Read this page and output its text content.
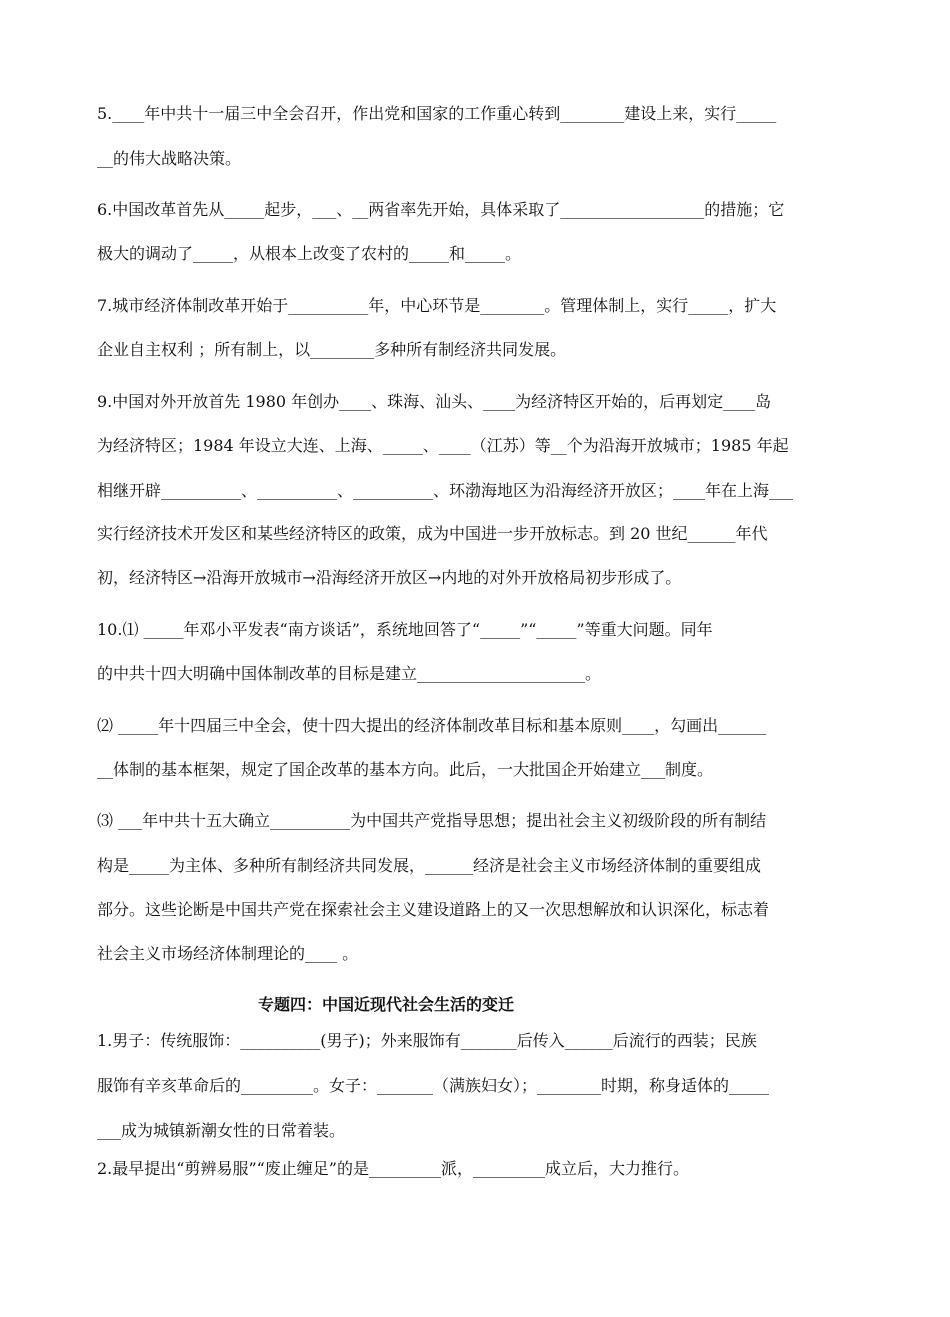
5.____年中共十一届三中全会召开，作出党和国家的工作重心转到________建设上来，实行_____
__的伟大战略决策。
6.中国改革首先从_____起步，___、__两省率先开始，具体采取了__________________的措施；它
极大的调动了_____，从根本上改变了农村的_____和_____。
7.城市经济体制改革开始于__________年，中心环节是________。管理体制上，实行_____，扩大
企业自主权利 ；所有制上，以________多种所有制经济共同发展。
9.中国对外开放首先 1980 年创办____、珠海、汕头、____为经济特区开始的，后再划定____岛
为经济特区；1984 年设立大连、上海、_____、____（江苏）等__个为沿海开放城市；1985 年起
相继开辟__________、__________、__________、环渤海地区为沿海经济开放区；____年在上海___
实行经济技术开发区和某些经济特区的政策，成为中国进一步开放标志。到 20 世纪______年代
初，经济特区→沿海开放城市→沿海经济开放区→内地的对外开放格局初步形成了。
10.⑴ _____年邓小平发表“南方谈话”，系统地回答了“_____”“_____”等重大问题。同年
的中共十四大明确中国体制改革的目标是建立_____________________。
⑵ _____年十四届三中全会，使十四大提出的经济体制改革目标和基本原则____，勾画出______
__体制的基本框架，规定了国企改革的基本方向。此后，一大批国企开始建立___制度。
⑶ ___年中共十五大确立__________为中国共产党指导思想；提出社会主义初级阶段的所有制结
构是_____为主体、多种所有制经济共同发展，______经济是社会主义市场经济体制的重要组成
部分。这些论断是中国共产党在探索社会主义建设道路上的又一次思想解放和认识深化，标志着
社会主义市场经济体制理论的____ 。
专题四：中国近现代社会生活的变迁
1.男子：传统服饰：__________(男子)；外来服饰有_______后传入______后流行的西装；民族
服饰有辛亥革命后的_________。女子：_______（满族妇女）；________时期，称身适体的_____
___成为城镇新潮女性的日常着装。
2.最早提出“剪辨易服”“废止缠足”的是_________派，_________成立后，大力推行。
